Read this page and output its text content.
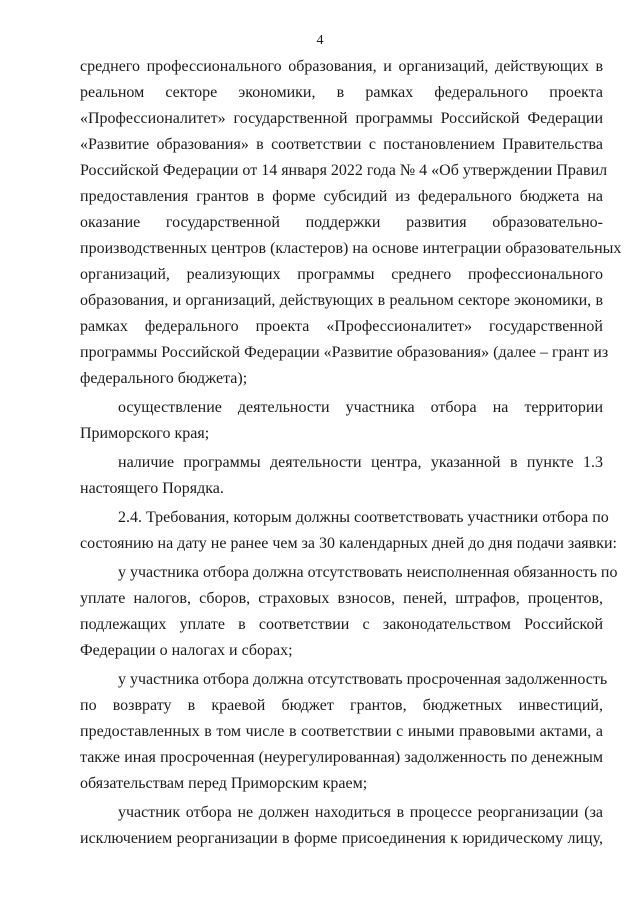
4
среднего профессионального образования, и организаций, действующих в
реальном секторе экономики, в рамках федерального проекта
«Профессионалитет» государственной программы Российской Федерации
«Развитие образования» в соответствии с постановлением Правительства
Российской Федерации от 14 января 2022 года № 4 «Об утверждении Правил
предоставления грантов в форме субсидий из федерального бюджета на
оказание государственной поддержки развития образовательно-
производственных центров (кластеров) на основе интеграции образовательных
организаций, реализующих программы среднего профессионального
образования, и организаций, действующих в реальном секторе экономики, в
рамках федерального проекта «Профессионалитет» государственной
программы Российской Федерации «Развитие образования» (далее – грант из
федерального бюджета);
осуществление деятельности участника отбора на территории
Приморского края;
наличие программы деятельности центра, указанной в пункте 1.3
настоящего Порядка.
2.4. Требования, которым должны соответствовать участники отбора по
состоянию на дату не ранее чем за 30 календарных дней до дня подачи заявки:
у участника отбора должна отсутствовать неисполненная обязанность по
уплате налогов, сборов, страховых взносов, пеней, штрафов, процентов,
подлежащих уплате в соответствии с законодательством Российской
Федерации о налогах и сборах;
у участника отбора должна отсутствовать просроченная задолженность
по возврату в краевой бюджет грантов, бюджетных инвестиций,
предоставленных в том числе в соответствии с иными правовыми актами, а
также иная просроченная (неурегулированная) задолженность по денежным
обязательствам перед Приморским краем;
участник отбора не должен находиться в процессе реорганизации (за
исключением реорганизации в форме присоединения к юридическому лицу,
